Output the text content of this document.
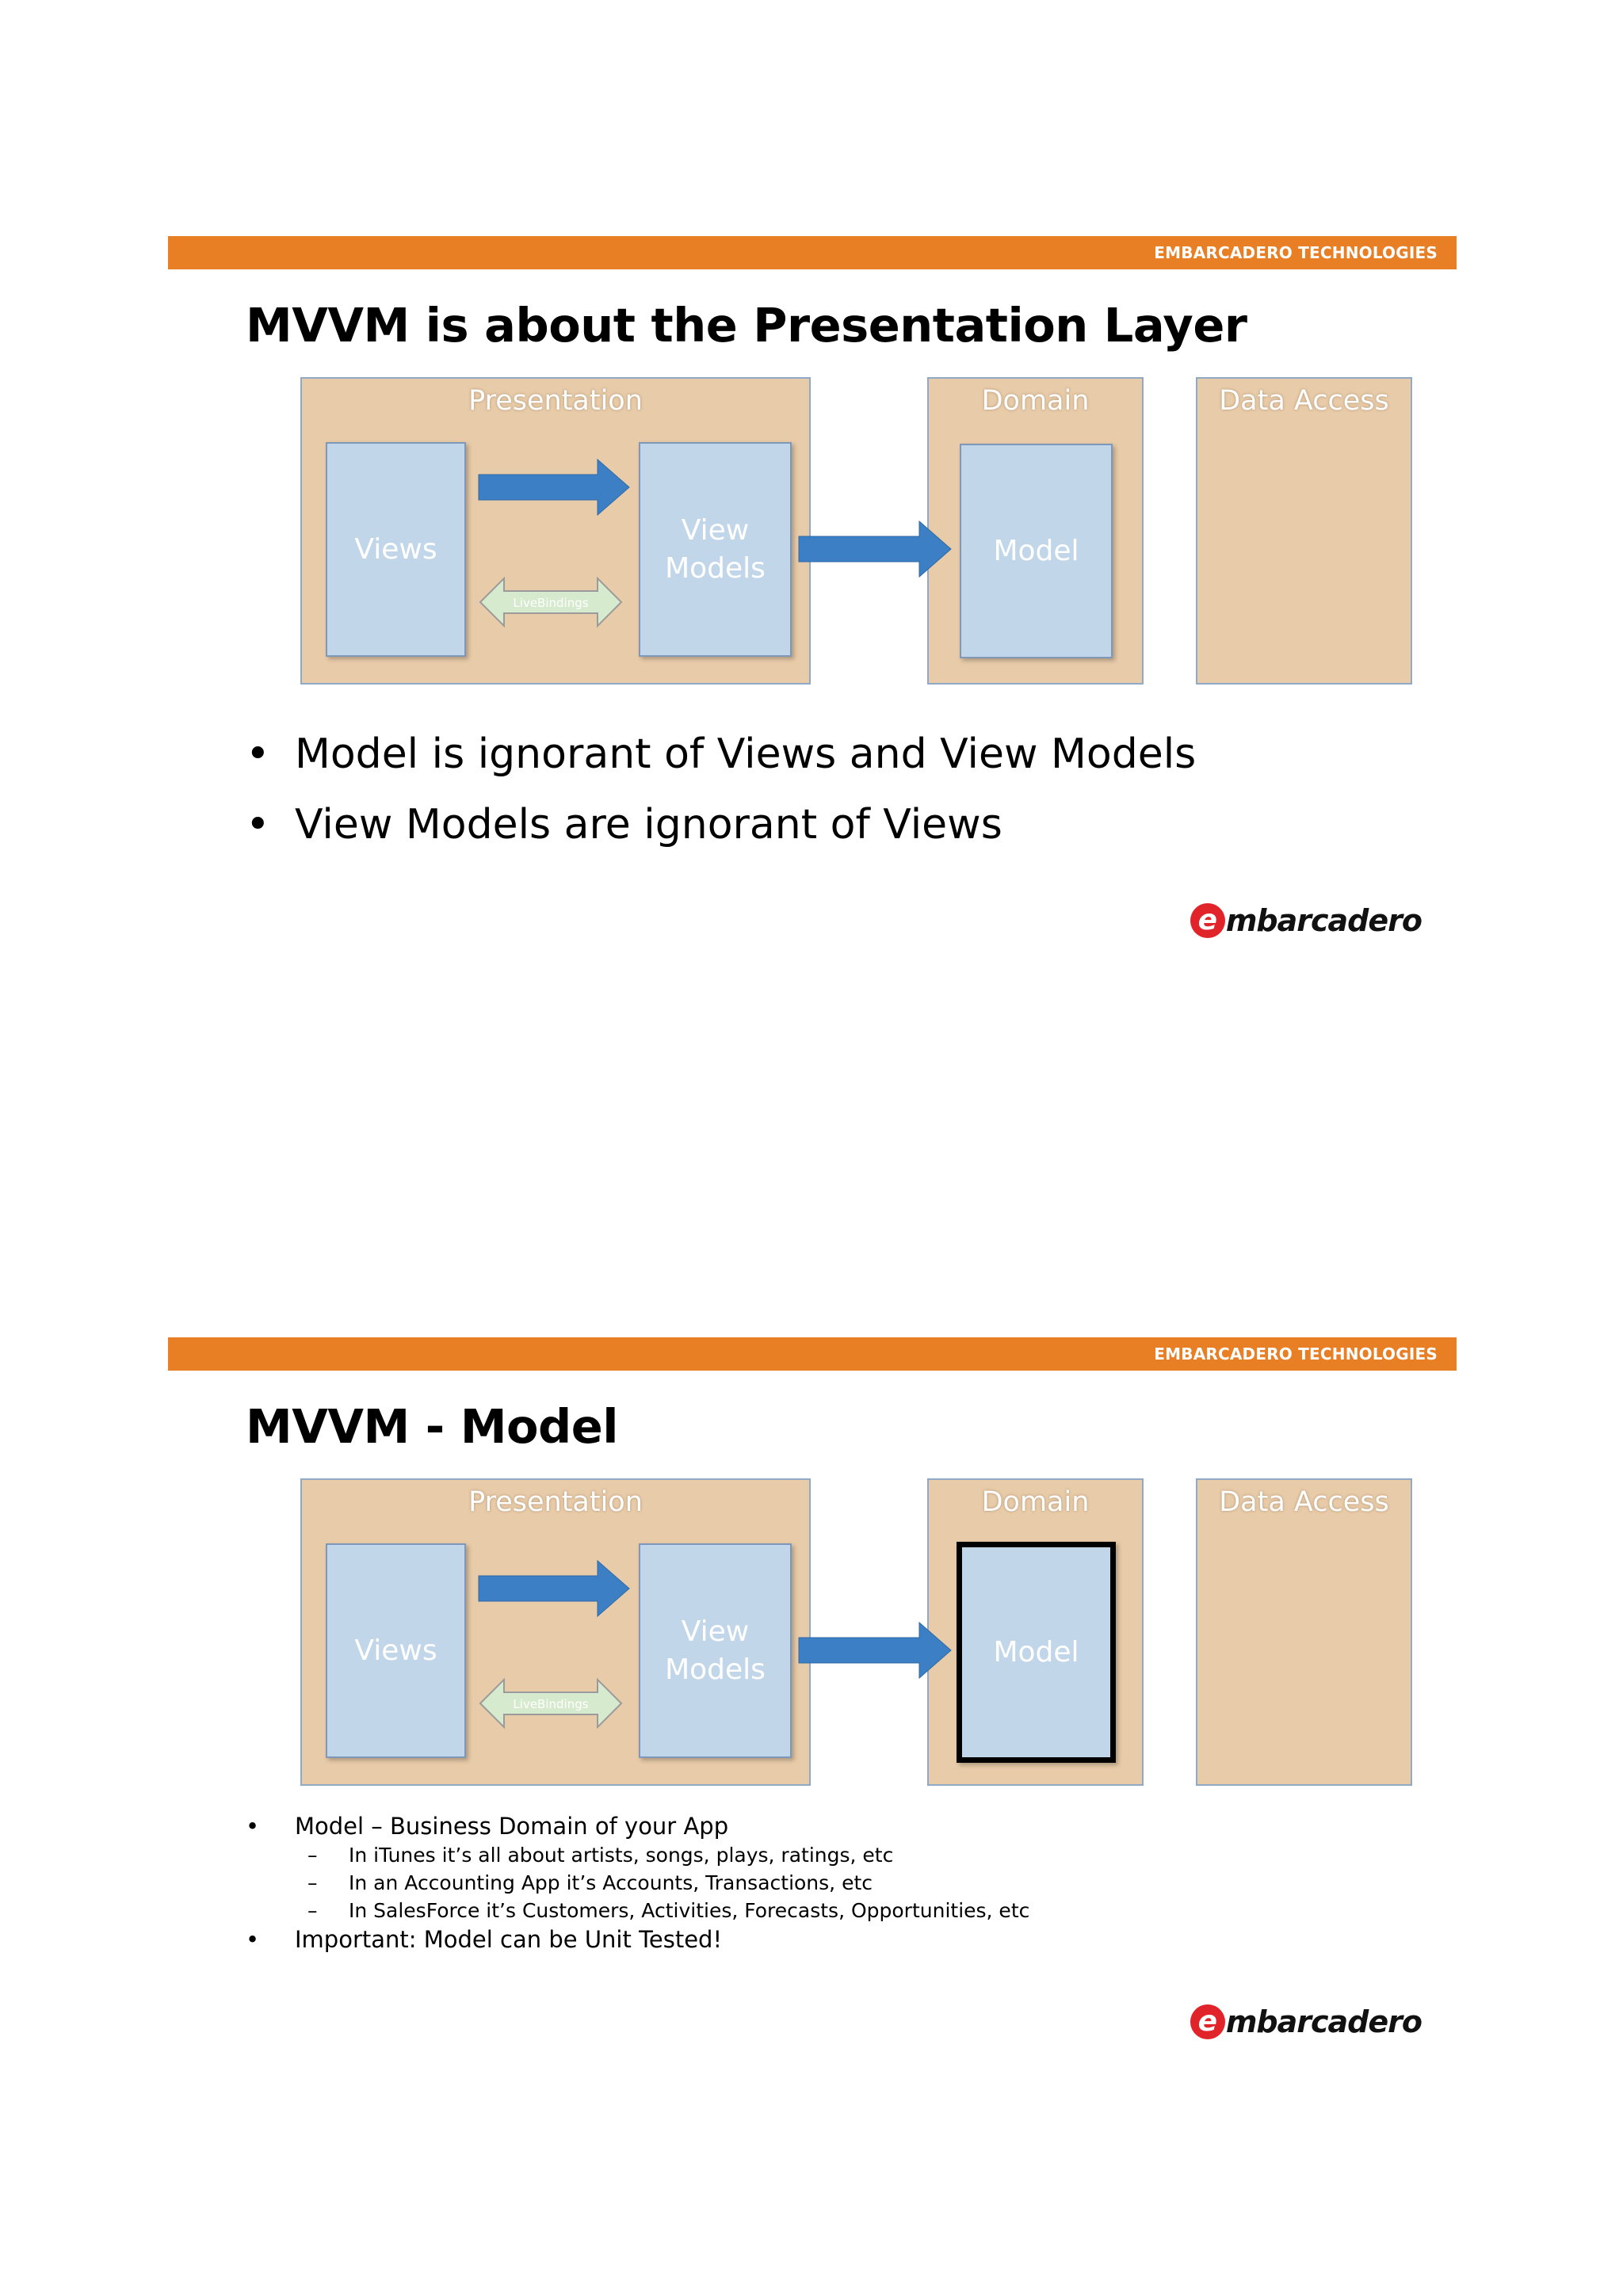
EMBARCADERO TECHNOLOGIES
MVVM is about the Presentation Layer
Presentation	Domain	Data Access
Views
View
Models
Model
LiveBindings
• Model is ignorant of Views and View Models
• View Models are ignorant of Views
e mbarcadero
EMBARCADERO TECHNOLOGIES
MVVM - Model
Presentation	Domain	Data Access
Views
View
Models
Model
LiveBindings
• Model – Business Domain of your App
– In iTunes it’s all about artists, songs, plays, ratings, etc
– In an Accounting App it’s Accounts, Transactions, etc
– In SalesForce it’s Customers, Activities, Forecasts, Opportunities, etc
• Important: Model can be Unit Tested!
e mbarcadero
